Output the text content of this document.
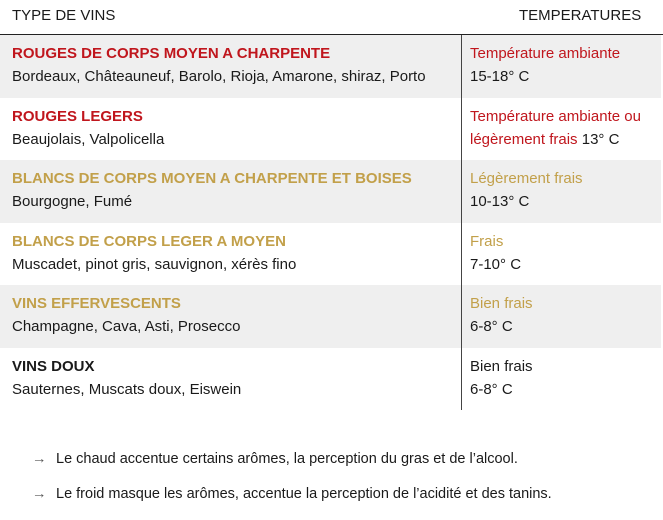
TYPE DE VINS	TEMPERATURES
ROUGES DE CORPS MOYEN A CHARPENTE
Bordeaux, Châteauneuf, Barolo, Rioja, Amarone, shiraz, Porto
Température ambiante
15-18° C
ROUGES LEGERS
Beaujolais, Valpolicella
Température ambiante ou
légèrement frais 13° C
BLANCS DE CORPS MOYEN A CHARPENTE ET BOISES
Bourgogne, Fumé
Légèrement frais
10-13° C
BLANCS DE CORPS LEGER A MOYEN
Muscadet, pinot gris, sauvignon, xérès fino
Frais
7-10° C
VINS EFFERVESCENTS
Champagne, Cava, Asti, Prosecco
Bien frais
6-8° C
VINS DOUX
Sauternes, Muscats doux, Eiswein
Bien frais
6-8° C
→ Le chaud accentue certains arômes, la perception du gras et de l’alcool.
→ Le froid masque les arômes, accentue la perception de l’acidité et des tanins.
